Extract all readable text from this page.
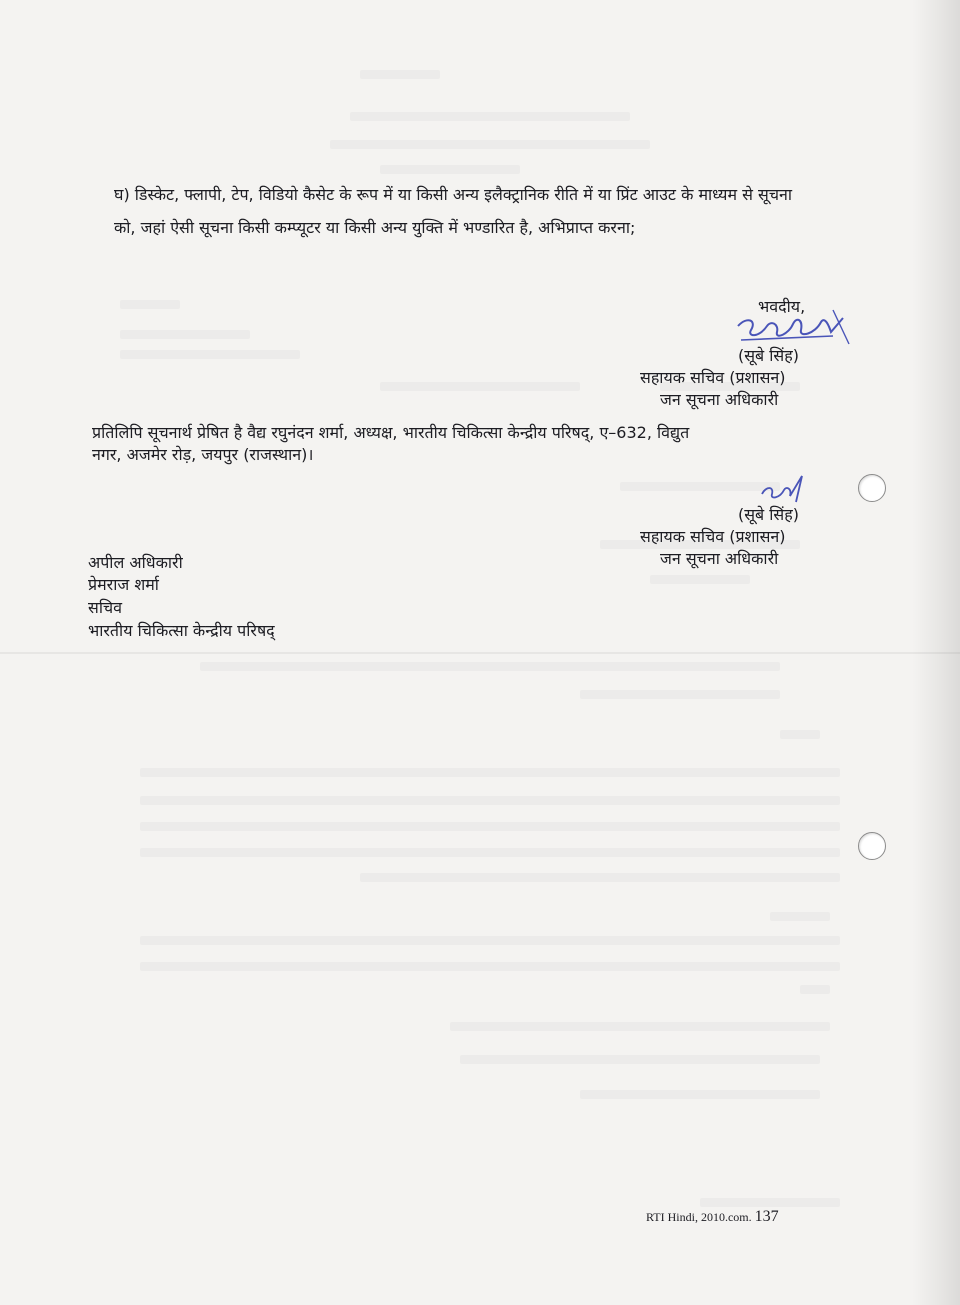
घ) डिस्केट, फ्लापी, टेप, विडियो कैसेट के रूप में या किसी अन्य इलैक्ट्रानिक रीति में या प्रिंट आउट के माध्यम से सूचना को, जहां ऐसी सूचना किसी कम्प्यूटर या किसी अन्य युक्ति में भण्डारित है, अभिप्राप्त करना;

भवदीय,
(सूबे सिंह)
सहायक सचिव (प्रशासन)
जन सूचना अधिकारी
प्रतिलिपि सूचनार्थ प्रेषित है वैद्य रघुनंदन शर्मा, अध्यक्ष, भारतीय चिकित्सा केन्द्रीय परिषद्, ए–632, विद्युत
नगर, अजमेर रोड़, जयपुर (राजस्थान)।
(सूबे सिंह)
सहायक सचिव (प्रशासन)
जन सूचना अधिकारी
अपील अधिकारी
प्रेमराज शर्मा
सचिव
भारतीय चिकित्सा केन्द्रीय परिषद्
RTI Hindi, 2010.com. 137
